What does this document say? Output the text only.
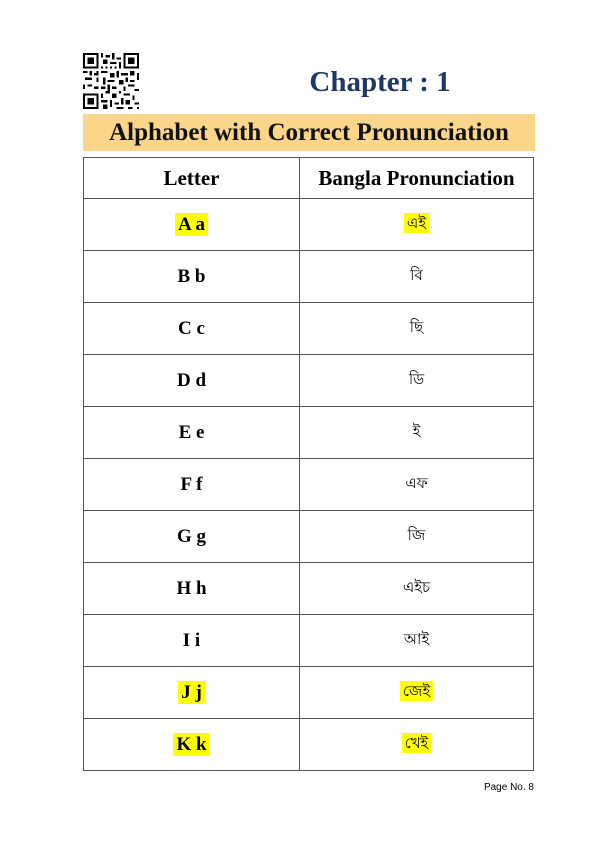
Chapter : 1
Alphabet with Correct Pronunciation
Letter	Bangla Pronunciation
A a	এই
B b	বি
C c	ছি
D d	ডি
E e	ই
F f	এফ
G g	জি
H h	এইচ
I i	আই
J j	জেই
K k	খেই
Page No. 8
